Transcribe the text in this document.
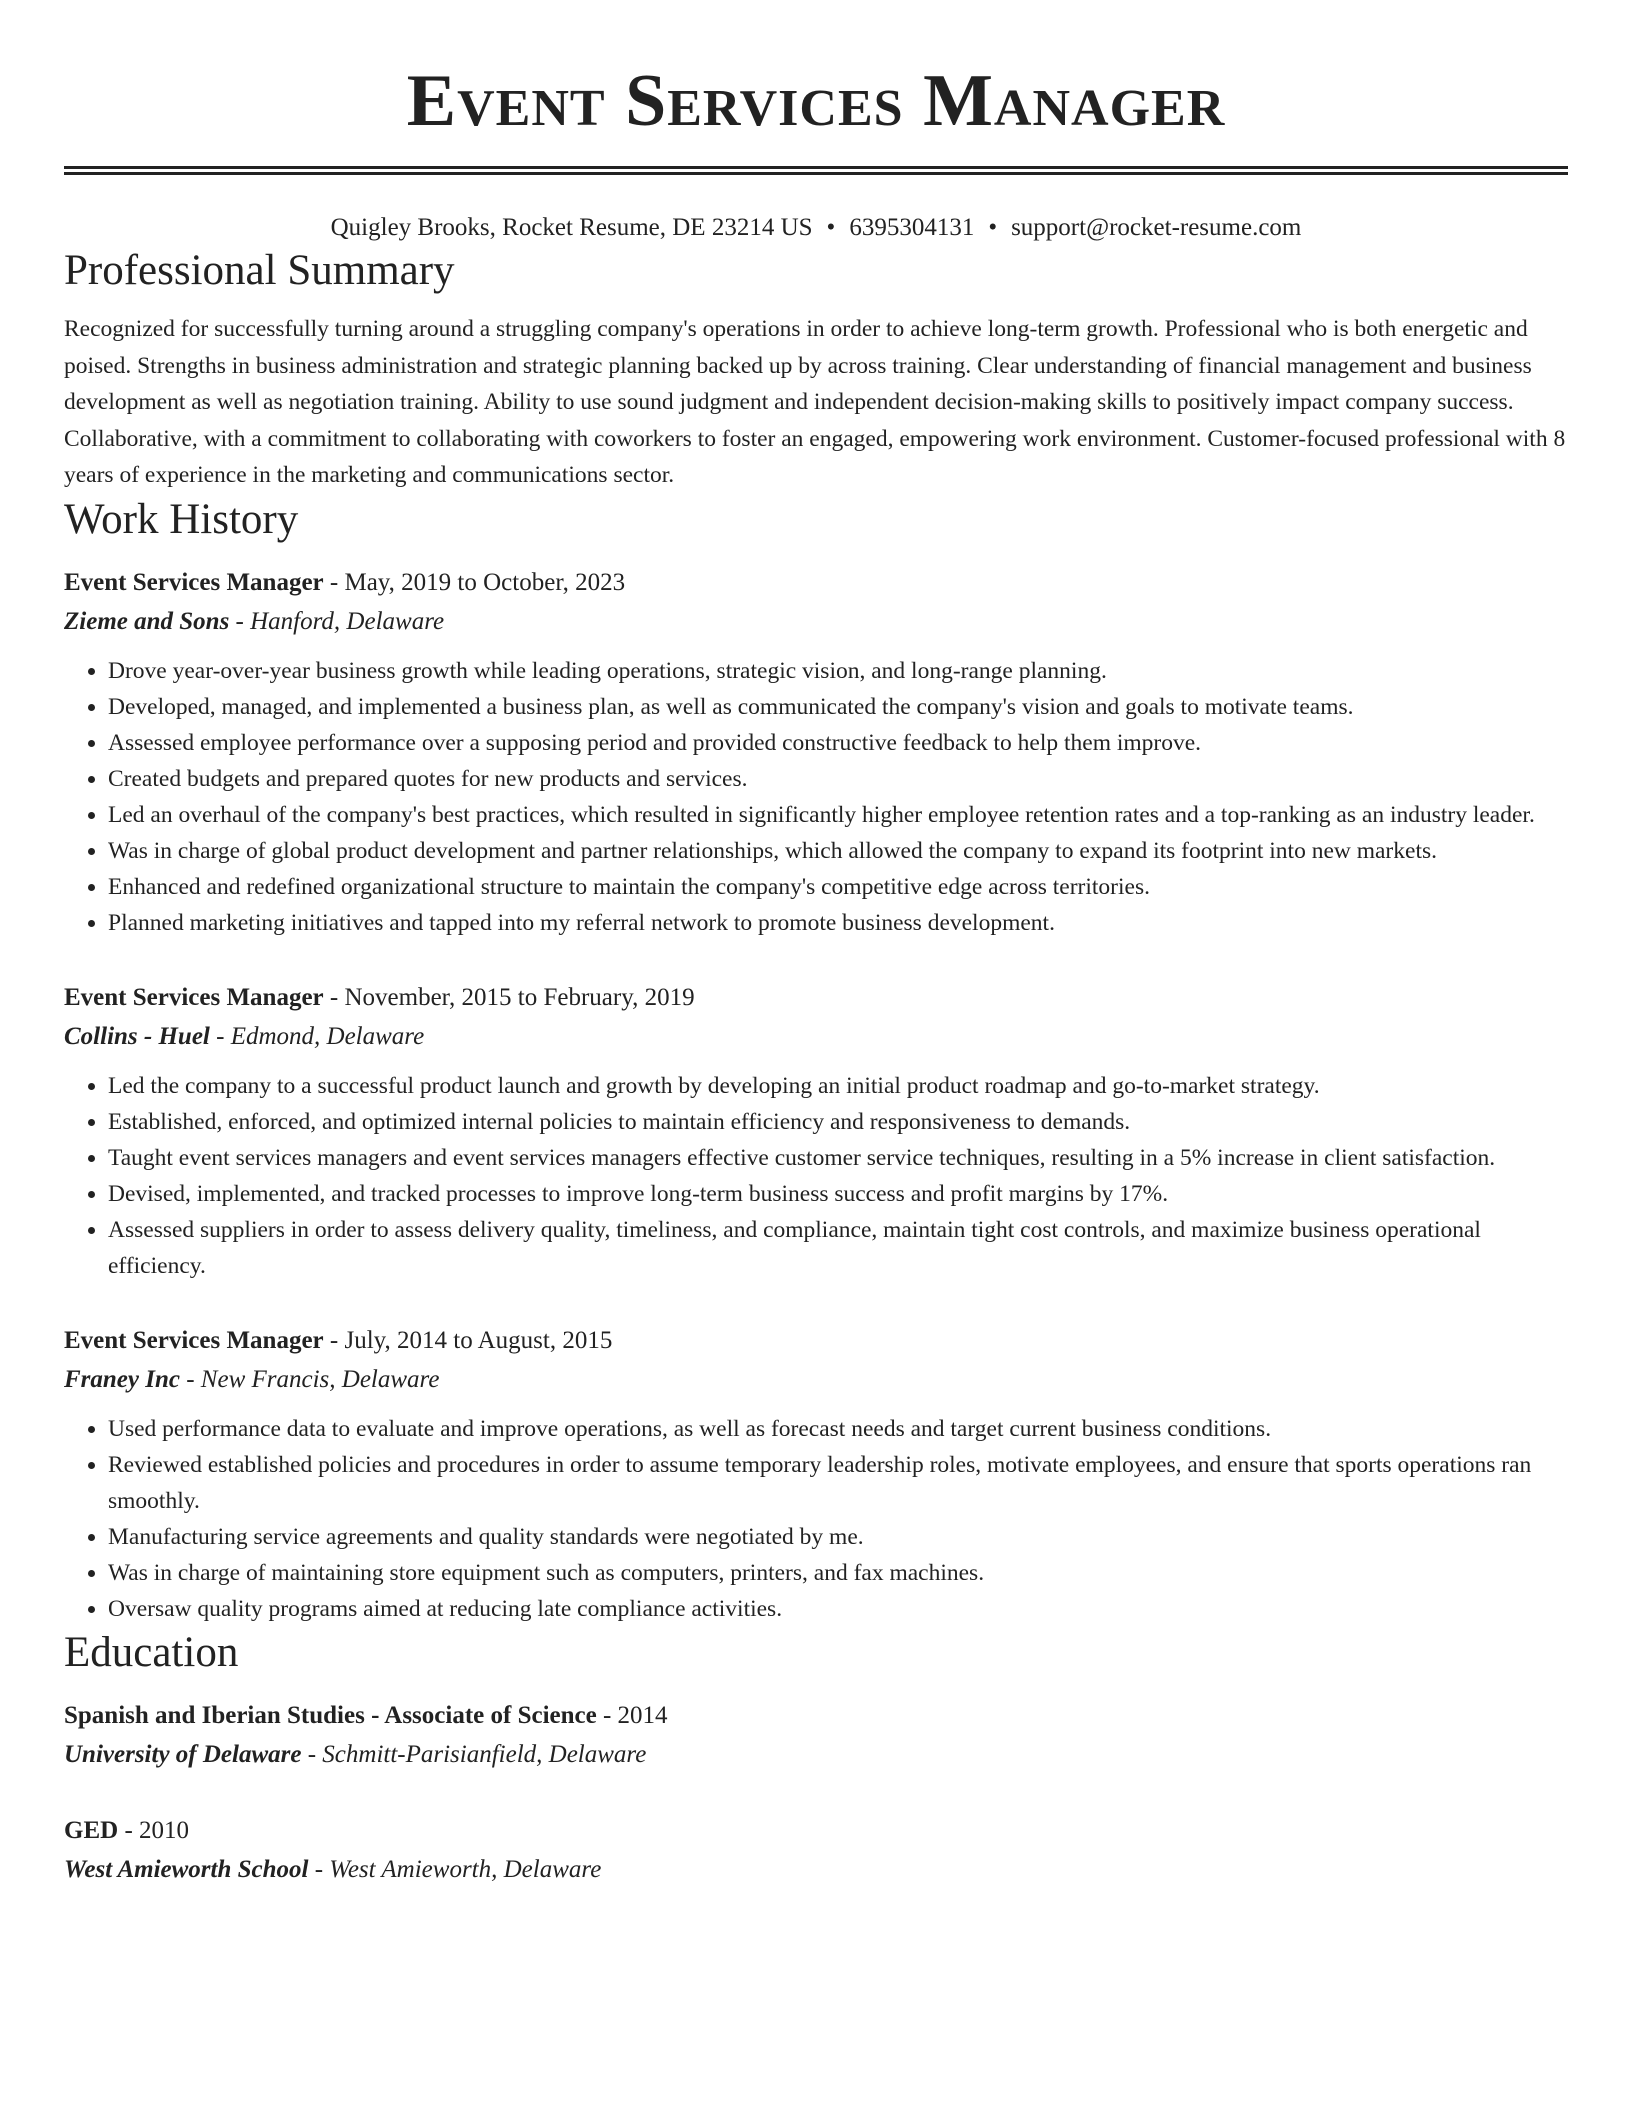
Event Services Manager
Quigley Brooks, Rocket Resume, DE 23214 US • 6395304131 • support@rocket-resume.com
Professional Summary

Recognized for successfully turning around a struggling company's operations in order to achieve long-term growth. Professional who is both energetic and poised. Strengths in business administration and strategic planning backed up by across training. Clear understanding of financial management and business development as well as negotiation training. Ability to use sound judgment and independent decision-making skills to positively impact company success. Collaborative, with a commitment to collaborating with coworkers to foster an engaged, empowering work environment. Customer-focused professional with 8 years of experience in the marketing and communications sector.

Work History
Event Services Manager - May, 2019 to October, 2023
Zieme and Sons - Hanford, Delaware
• Drove year-over-year business growth while leading operations, strategic vision, and long-range planning.
• Developed, managed, and implemented a business plan, as well as communicated the company's vision and goals to motivate teams.
• Assessed employee performance over a supposing period and provided constructive feedback to help them improve.
• Created budgets and prepared quotes for new products and services.
• Led an overhaul of the company's best practices, which resulted in significantly higher employee retention rates and a top-ranking as an industry leader.
• Was in charge of global product development and partner relationships, which allowed the company to expand its footprint into new markets.
• Enhanced and redefined organizational structure to maintain the company's competitive edge across territories.
• Planned marketing initiatives and tapped into my referral network to promote business development.
Event Services Manager - November, 2015 to February, 2019
Collins - Huel - Edmond, Delaware
• Led the company to a successful product launch and growth by developing an initial product roadmap and go-to-market strategy.
• Established, enforced, and optimized internal policies to maintain efficiency and responsiveness to demands.
• Taught event services managers and event services managers effective customer service techniques, resulting in a 5% increase in client satisfaction.
• Devised, implemented, and tracked processes to improve long-term business success and profit margins by 17%.
• Assessed suppliers in order to assess delivery quality, timeliness, and compliance, maintain tight cost controls, and maximize business operational efficiency.
Event Services Manager - July, 2014 to August, 2015
Franey Inc - New Francis, Delaware
• Used performance data to evaluate and improve operations, as well as forecast needs and target current business conditions.
• Reviewed established policies and procedures in order to assume temporary leadership roles, motivate employees, and ensure that sports operations ran smoothly.
• Manufacturing service agreements and quality standards were negotiated by me.
• Was in charge of maintaining store equipment such as computers, printers, and fax machines.
• Oversaw quality programs aimed at reducing late compliance activities.
Education
Spanish and Iberian Studies - Associate of Science - 2014
University of Delaware - Schmitt-Parisianfield, Delaware
GED - 2010
West Amieworth School - West Amieworth, Delaware
